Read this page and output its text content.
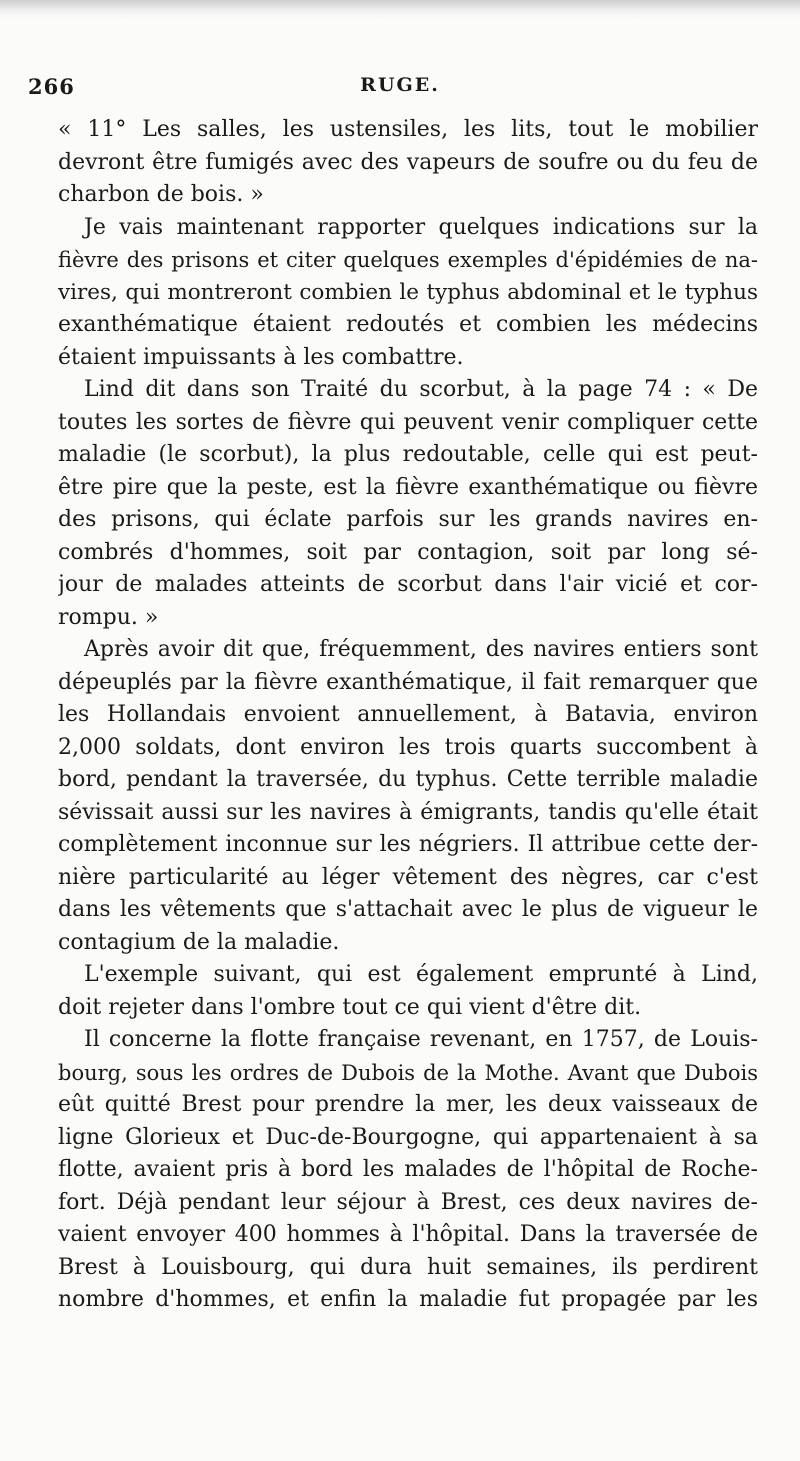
266	RUGE.
« 11° Les salles, les ustensiles, les lits, tout le mobilier
devront être fumigés avec des vapeurs de soufre ou du feu de
charbon de bois. »
Je vais maintenant rapporter quelques indications sur la
fièvre des prisons et citer quelques exemples d'épidémies de na-
vires, qui montreront combien le typhus abdominal et le typhus
exanthématique étaient redoutés et combien les médecins
étaient impuissants à les combattre.
Lind dit dans son Traité du scorbut, à la page 74 : « De
toutes les sortes de fièvre qui peuvent venir compliquer cette
maladie (le scorbut), la plus redoutable, celle qui est peut-
être pire que la peste, est la fièvre exanthématique ou fièvre
des prisons, qui éclate parfois sur les grands navires en-
combrés d'hommes, soit par contagion, soit par long sé-
jour de malades atteints de scorbut dans l'air vicié et cor-
rompu. »
Après avoir dit que, fréquemment, des navires entiers sont
dépeuplés par la fièvre exanthématique, il fait remarquer que
les Hollandais envoient annuellement, à Batavia, environ
2,000 soldats, dont environ les trois quarts succombent à
bord, pendant la traversée, du typhus. Cette terrible maladie
sévissait aussi sur les navires à émigrants, tandis qu'elle était
complètement inconnue sur les négriers. Il attribue cette der-
nière particularité au léger vêtement des nègres, car c'est
dans les vêtements que s'attachait avec le plus de vigueur le
contagium de la maladie.
L'exemple suivant, qui est également emprunté à Lind,
doit rejeter dans l'ombre tout ce qui vient d'être dit.
Il concerne la flotte française revenant, en 1757, de Louis-
bourg, sous les ordres de Dubois de la Mothe. Avant que Dubois
eût quitté Brest pour prendre la mer, les deux vaisseaux de
ligne Glorieux et Duc-de-Bourgogne, qui appartenaient à sa
flotte, avaient pris à bord les malades de l'hôpital de Roche-
fort. Déjà pendant leur séjour à Brest, ces deux navires de-
vaient envoyer 400 hommes à l'hôpital. Dans la traversée de
Brest à Louisbourg, qui dura huit semaines, ils perdirent
nombre d'hommes, et enfin la maladie fut propagée par les
